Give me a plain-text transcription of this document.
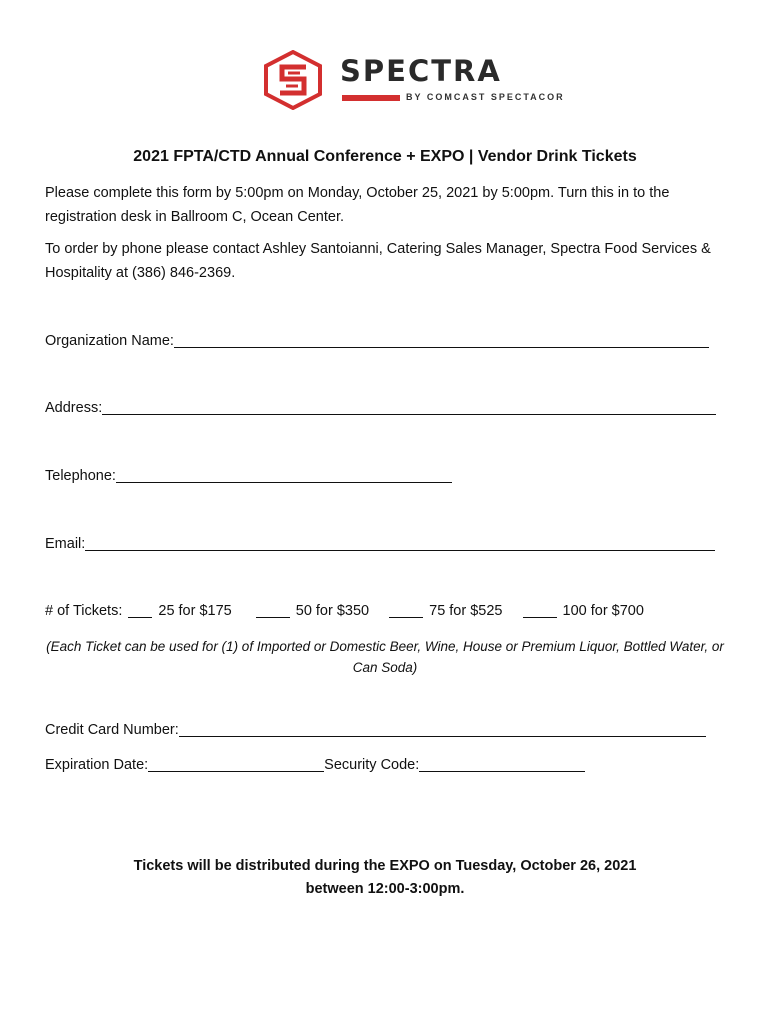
SPECTRA
BY COMCAST SPECTACOR
2021 FPTA/CTD Annual Conference + EXPO | Vendor Drink Tickets
Please complete this form by 5:00pm on Monday, October 25, 2021 by 5:00pm. Turn this in to the registration desk in Ballroom C, Ocean Center.
To order by phone please contact Ashley Santoianni, Catering Sales Manager, Spectra Food Services & Hospitality at (386) 846-2369.
Organization Name:
Address:
Telephone:
Email:
# of Tickets: 25 for $175	50 for $350	75 for $525	100 for $700
(Each Ticket can be used for (1) of Imported or Domestic Beer, Wine, House or Premium Liquor, Bottled Water, or Can Soda)
Credit Card Number:
Expiration Date:	Security Code:
Tickets will be distributed during the EXPO on Tuesday, October 26, 2021
between 12:00-3:00pm.
